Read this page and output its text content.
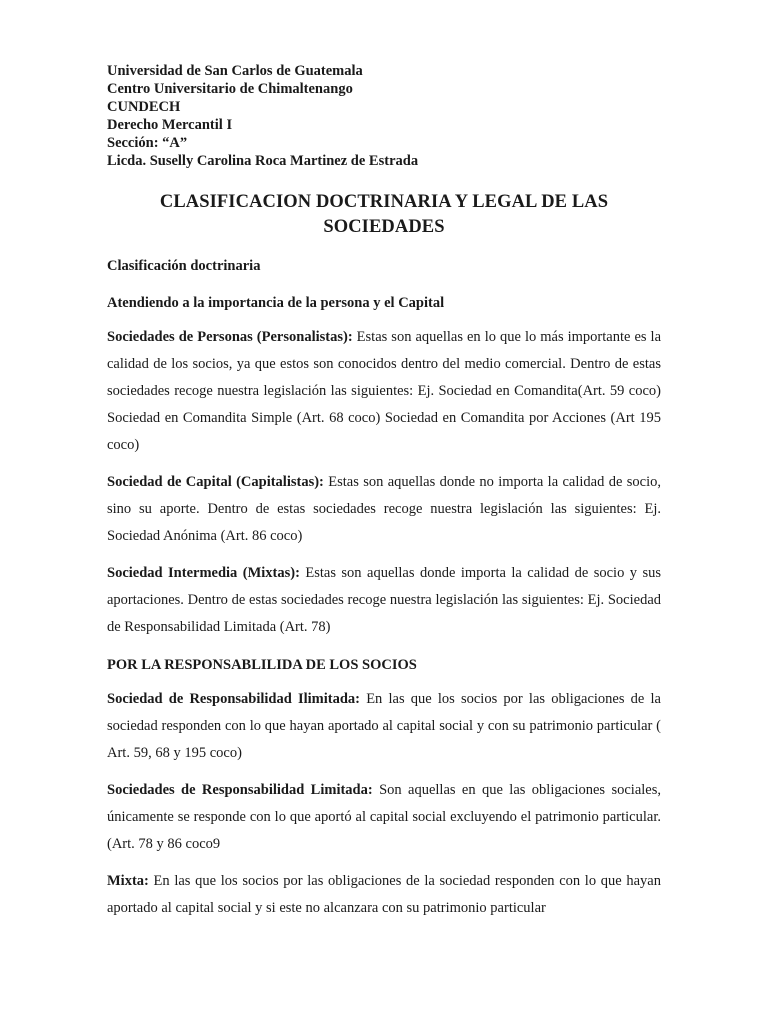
Universidad de San Carlos de Guatemala
Centro Universitario de Chimaltenango
CUNDECH
Derecho Mercantil I
Sección: “A”
Licda. Suselly Carolina Roca Martinez de Estrada
CLASIFICACION DOCTRINARIA Y LEGAL DE LAS
SOCIEDADES

Clasificación doctrinaria

Atendiendo a la importancia de la persona y el Capital

Sociedades de Personas (Personalistas): Estas son aquellas en lo que lo más importante es la calidad de los socios, ya que estos son conocidos dentro del medio comercial. Dentro de estas sociedades recoge nuestra legislación las siguientes: Ej. Sociedad en Comandita(Art. 59 coco) Sociedad en Comandita Simple (Art. 68 coco) Sociedad en Comandita por Acciones (Art 195 coco)

Sociedad de Capital (Capitalistas): Estas son aquellas donde no importa la calidad de socio, sino su aporte. Dentro de estas sociedades recoge nuestra legislación las siguientes: Ej. Sociedad Anónima (Art. 86 coco)

Sociedad Intermedia (Mixtas): Estas son aquellas donde importa la calidad de socio y sus aportaciones. Dentro de estas sociedades recoge nuestra legislación las siguientes: Ej. Sociedad de Responsabilidad Limitada (Art. 78)

POR LA RESPONSABLILIDA DE LOS SOCIOS

Sociedad de Responsabilidad Ilimitada: En las que los socios por las obligaciones de la sociedad responden con lo que hayan aportado al capital social y con su patrimonio particular ( Art. 59, 68 y 195 coco)

Sociedades de Responsabilidad Limitada: Son aquellas en que las obligaciones sociales, únicamente se responde con lo que aportó al capital social excluyendo el patrimonio particular. (Art. 78 y 86 coco9

Mixta: En las que los socios por las obligaciones de la sociedad responden con lo que hayan aportado al capital social y si este no alcanzara con su patrimonio particular
